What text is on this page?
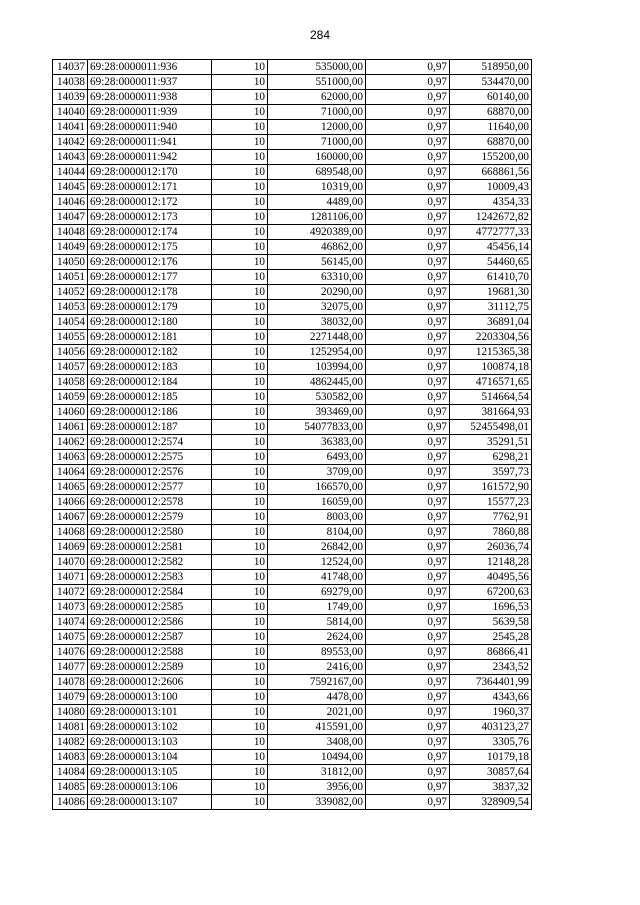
284
14037	69:28:0000011:936	10	535000,00	0,97	518950,00
14038	69:28:0000011:937	10	551000,00	0,97	534470,00
14039	69:28:0000011:938	10	62000,00	0,97	60140,00
14040	69:28:0000011:939	10	71000,00	0,97	68870,00
14041	69:28:0000011:940	10	12000,00	0,97	11640,00
14042	69:28:0000011:941	10	71000,00	0,97	68870,00
14043	69:28:0000011:942	10	160000,00	0,97	155200,00
14044	69:28:0000012:170	10	689548,00	0,97	668861,56
14045	69:28:0000012:171	10	10319,00	0,97	10009,43
14046	69:28:0000012:172	10	4489,00	0,97	4354,33
14047	69:28:0000012:173	10	1281106,00	0,97	1242672,82
14048	69:28:0000012:174	10	4920389,00	0,97	4772777,33
14049	69:28:0000012:175	10	46862,00	0,97	45456,14
14050	69:28:0000012:176	10	56145,00	0,97	54460,65
14051	69:28:0000012:177	10	63310,00	0,97	61410,70
14052	69:28:0000012:178	10	20290,00	0,97	19681,30
14053	69:28:0000012:179	10	32075,00	0,97	31112,75
14054	69:28:0000012:180	10	38032,00	0,97	36891,04
14055	69:28:0000012:181	10	2271448,00	0,97	2203304,56
14056	69:28:0000012:182	10	1252954,00	0,97	1215365,38
14057	69:28:0000012:183	10	103994,00	0,97	100874,18
14058	69:28:0000012:184	10	4862445,00	0,97	4716571,65
14059	69:28:0000012:185	10	530582,00	0,97	514664,54
14060	69:28:0000012:186	10	393469,00	0,97	381664,93
14061	69:28:0000012:187	10	54077833,00	0,97	52455498,01
14062	69:28:0000012:2574	10	36383,00	0,97	35291,51
14063	69:28:0000012:2575	10	6493,00	0,97	6298,21
14064	69:28:0000012:2576	10	3709,00	0,97	3597,73
14065	69:28:0000012:2577	10	166570,00	0,97	161572,90
14066	69:28:0000012:2578	10	16059,00	0,97	15577,23
14067	69:28:0000012:2579	10	8003,00	0,97	7762,91
14068	69:28:0000012:2580	10	8104,00	0,97	7860,88
14069	69:28:0000012:2581	10	26842,00	0,97	26036,74
14070	69:28:0000012:2582	10	12524,00	0,97	12148,28
14071	69:28:0000012:2583	10	41748,00	0,97	40495,56
14072	69:28:0000012:2584	10	69279,00	0,97	67200,63
14073	69:28:0000012:2585	10	1749,00	0,97	1696,53
14074	69:28:0000012:2586	10	5814,00	0,97	5639,58
14075	69:28:0000012:2587	10	2624,00	0,97	2545,28
14076	69:28:0000012:2588	10	89553,00	0,97	86866,41
14077	69:28:0000012:2589	10	2416,00	0,97	2343,52
14078	69:28:0000012:2606	10	7592167,00	0,97	7364401,99
14079	69:28:0000013:100	10	4478,00	0,97	4343,66
14080	69:28:0000013:101	10	2021,00	0,97	1960,37
14081	69:28:0000013:102	10	415591,00	0,97	403123,27
14082	69:28:0000013:103	10	3408,00	0,97	3305,76
14083	69:28:0000013:104	10	10494,00	0,97	10179,18
14084	69:28:0000013:105	10	31812,00	0,97	30857,64
14085	69:28:0000013:106	10	3956,00	0,97	3837,32
14086	69:28:0000013:107	10	339082,00	0,97	328909,54
